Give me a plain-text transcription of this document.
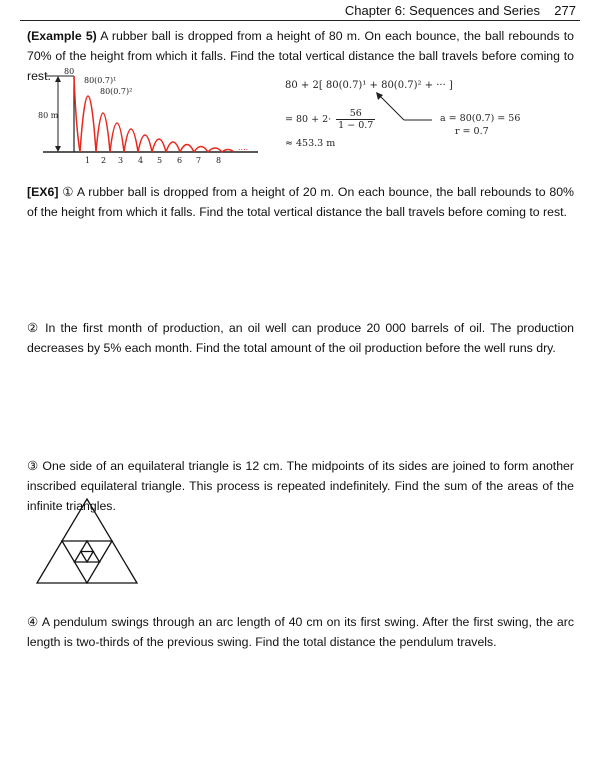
Chapter 6: Sequences and Series 277

(Example 5) A rubber ball is dropped from a height of 80 m. On each bounce, the ball rebounds to 70% of the height from which it falls. Find the total vertical distance the ball travels before coming to rest.

80 m
80
80(0.7)¹
80(0.7)²
....
1 2 3 4 5 6 7 8
80 + 2[ 80(0.7)¹ + 80(0.7)² + ··· ]
= $80 + 2\cdot \frac{56}{1 - 0.7}$
≈ 453.3 m
a = 80(0.7) = 56
r = 0.7

[EX6] ① A rubber ball is dropped from a height of 20 m. On each bounce, the ball rebounds to 80% of the height from which it falls. Find the total vertical distance the ball travels before coming to rest.

② In the first month of production, an oil well can produce 20 000 barrels of oil. The production decreases by 5% each month. Find the total amount of the oil production before the well runs dry.

③ One side of an equilateral triangle is 12 cm. The midpoints of its sides are joined to form another inscribed equilateral triangle. This process is repeated indefinitely. Find the sum of the areas of the infinite triangles.

④ A pendulum swings through an arc length of 40 cm on its first swing. After the first swing, the arc length is two-thirds of the previous swing. Find the total distance the pendulum travels.
